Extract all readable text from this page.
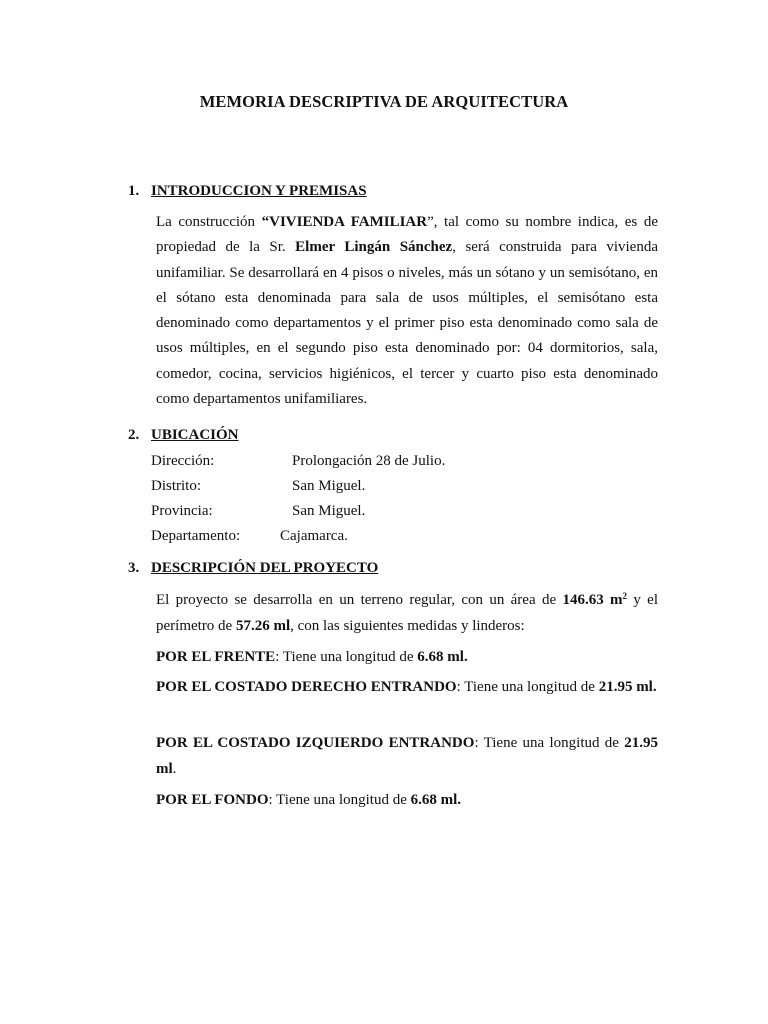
MEMORIA DESCRIPTIVA DE ARQUITECTURA
1. INTRODUCCION Y PREMISAS
La construcción “VIVIENDA FAMILIAR”, tal como su nombre indica, es de propiedad de la Sr. Elmer Lingán Sánchez, será construida para vivienda unifamiliar. Se desarrollará en 4 pisos o niveles, más un sótano y un semisótano, en el sótano esta denominada para sala de usos múltiples, el semisótano esta denominado como departamentos y el primer piso esta denominado como sala de usos múltiples, en el segundo piso esta denominado por: 04 dormitorios, sala, comedor, cocina, servicios higiénicos, el tercer y cuarto piso esta denominado como departamentos unifamiliares.
2. UBICACIÓN
Dirección:	Prolongación 28 de Julio.
Distrito:	San Miguel.
Provincia:	San Miguel.
Departamento:	Cajamarca.
3. DESCRIPCIÓN DEL PROYECTO
El proyecto se desarrolla en un terreno regular, con un área de 146.63 $m^2$ y el perímetro de 57.26 ml, con las siguientes medidas y linderos:
POR EL FRENTE: Tiene una longitud de 6.68 ml.
POR EL COSTADO DERECHO ENTRANDO: Tiene una longitud de 21.95 ml.
POR EL COSTADO IZQUIERDO ENTRANDO: Tiene una longitud de 21.95 ml.
POR EL FONDO: Tiene una longitud de 6.68 ml.
